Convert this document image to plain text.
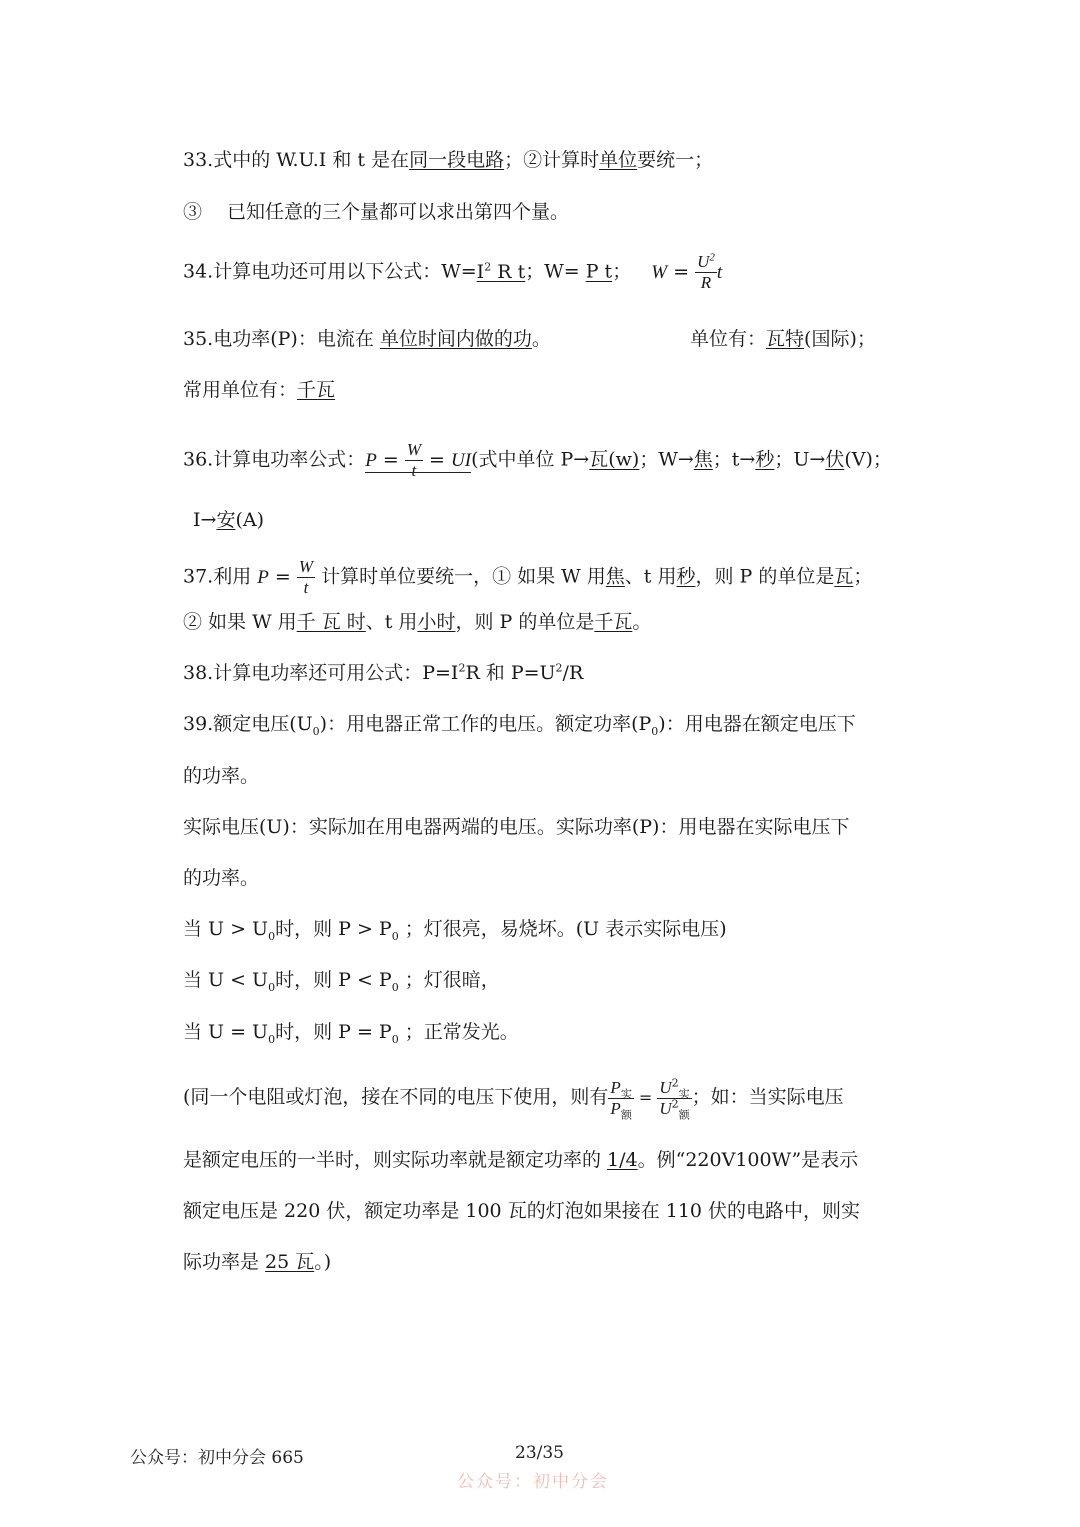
33.式中的 W.U.I 和 t 是在同一段电路；②计算时单位要统一；
③　 已知任意的三个量都可以求出第四个量。
34.计算电功还可用以下公式：$W=I^2$ R t；W= P t； $W = \frac{U^2}{R}$ t
35.电功率(P)：电流在 单位时间内做的功。	单位有：瓦特(国际)；
常用单位有：千瓦
36.计算电功率公式：$P = \frac{W}{t} = UI$(式中单位 P→瓦(w)；W→焦；t→秒；U→伏(V)；
I→安(A)
37.利用 $P = \frac{W}{t}$ 计算时单位要统一，① 如果 W 用焦、t 用秒，则 P 的单位是瓦；
② 如果 W 用千 瓦 时、t 用小时，则 P 的单位是千瓦。
38.计算电功率还可用公式：$P=I^2R$ 和 $P=U^2/R$
39.额定电压$(U_0)$：用电器正常工作的电压。额定功率$(P_0)$：用电器在额定电压下
的功率。
实际电压(U)：实际加在用电器两端的电压。实际功率(P)：用电器在实际电压下
的功率。
当 $U > U_0$时，则 $P > P_0$ ；灯很亮，易烧坏。(U 表示实际电压)
当 $U < U_0$时，则 $P < P_0$ ；灯很暗，
当 $U = U_0$时，则 $P = P_0$ ；正常发光。
(同一个电阻或灯泡，接在不同的电压下使用，则有 $\frac{P_实}{P_额} = \frac{U^2_实}{U^2_额}$ ；如：当实际电压
是额定电压的一半时，则实际功率就是额定功率的 1/4。例“220V100W”是表示
额定电压是 220 伏，额定功率是 100 瓦的灯泡如果接在 110 伏的电路中，则实
际功率是 25 瓦。)
公众号：初中分会 665	23/35
公众号：初中分会
